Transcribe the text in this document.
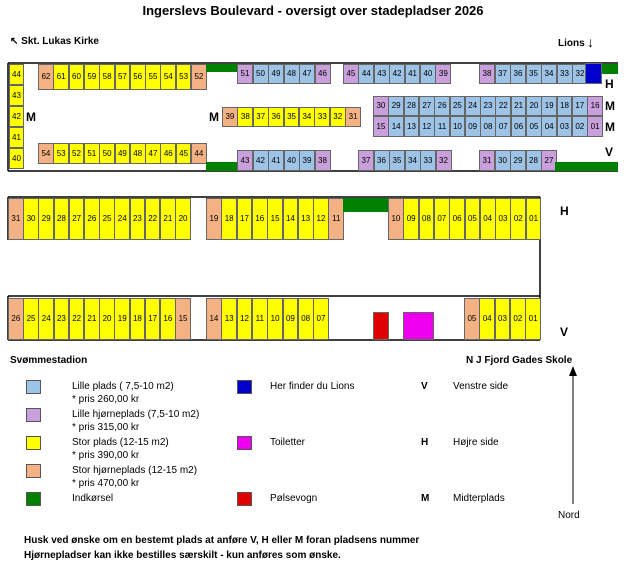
Ingerslevs Boulevard - oversigt over stadepladser 2026
↖ Skt. Lukas Kirke	Lions ↓
M	M
H
M
M
V
H
V
44
43
42
41
40
62 61 60 59 58 57 56 55 54 53 52	51 50 49 48 47 46	45 44 43 42 41 40 39	38 37 36 35 34 33 32
39 38 37 36 35 34 33 32 31
30 29 28 27 26 25 24 23 22 21 20 19 18 17 16
15 14 13 12 11 10 09 08 07 06 05 04 03 02 01
54 53 52 51 50 49 48 47 46 45 44
43 42 41 40 39 38	37 36 35 34 33 32	31 30 29 28 27
31 30 29 28 27 26 25 24 23 22 21 20	19 18 17 16 15 14 13 12 11	10 09 08 07 06 05 04 03 02 01
26 25 24 23 22 21 20 19 18 17 16 15	14 13 12 11 10 09 08 07	05 04 03 02 01
Svømmestadion	N J Fjord Gades Skole
Lille plads ( 7,5-10 m2)
* pris 260,00 kr
Lille hjørneplads (7,5-10 m2)
* pris 315,00 kr
Stor plads (12-15 m2)
* pris 390,00 kr
Stor hjørneplads (12-15 m2)
* pris 470,00 kr
Indkørsel
Her finder du Lions
Toiletter
Pølsevogn
V	Venstre side
H Højre side
M Midterplads
Nord
Husk ved ønske om en bestemt plads at anføre V, H eller M foran pladsens nummer
Hjørnepladser kan ikke bestilles særskilt - kun anføres som ønske.
